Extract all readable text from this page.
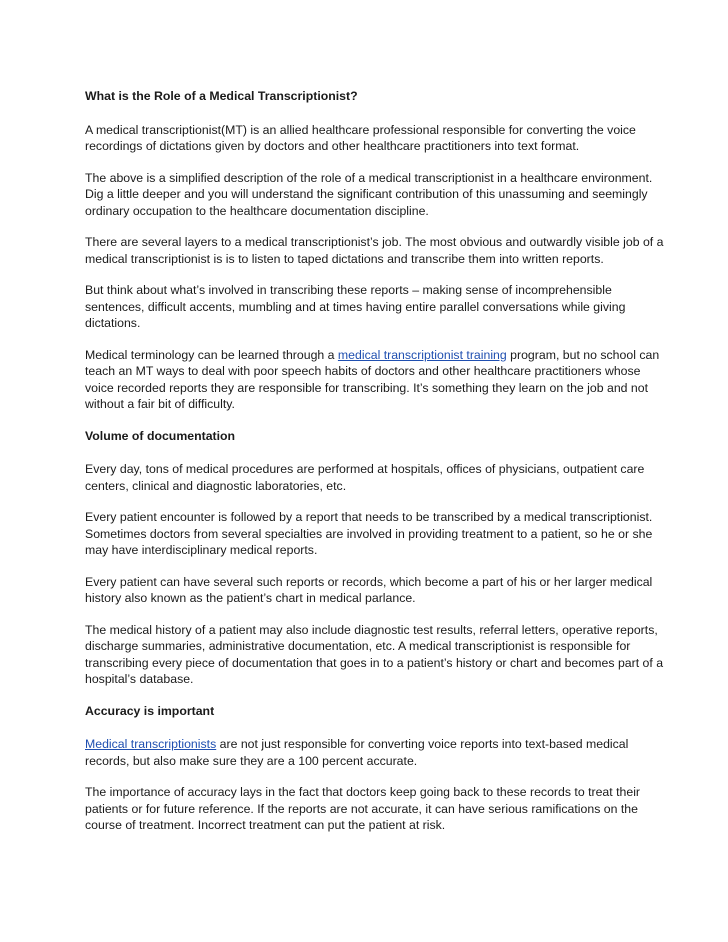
What is the Role of a Medical Transcriptionist?

A medical transcriptionist(MT) is an allied healthcare professional responsible for converting the voice recordings of dictations given by doctors and other healthcare practitioners into text format.

The above is a simplified description of the role of a medical transcriptionist in a healthcare environment. Dig a little deeper and you will understand the significant contribution of this unassuming and seemingly ordinary occupation to the healthcare documentation discipline.

There are several layers to a medical transcriptionist’s job. The most obvious and outwardly visible job of a medical transcriptionist is is to listen to taped dictations and transcribe them into written reports.

But think about what’s involved in transcribing these reports – making sense of incomprehensible sentences, difficult accents, mumbling and at times having entire parallel conversations while giving dictations.

Medical terminology can be learned through a medical transcriptionist training program, but no school can teach an MT ways to deal with poor speech habits of doctors and other healthcare practitioners whose voice recorded reports they are responsible for transcribing. It’s something they learn on the job and not without a fair bit of difficulty.

Volume of documentation

Every day, tons of medical procedures are performed at hospitals, offices of physicians, outpatient care centers, clinical and diagnostic laboratories, etc.

Every patient encounter is followed by a report that needs to be transcribed by a medical transcriptionist. Sometimes doctors from several specialties are involved in providing treatment to a patient, so he or she may have interdisciplinary medical reports.

Every patient can have several such reports or records, which become a part of his or her larger medical history also known as the patient’s chart in medical parlance.

The medical history of a patient may also include diagnostic test results, referral letters, operative reports, discharge summaries, administrative documentation, etc. A medical transcriptionist is responsible for transcribing every piece of documentation that goes in to a patient’s history or chart and becomes part of a hospital’s database.

Accuracy is important

Medical transcriptionists are not just responsible for converting voice reports into text-based medical records, but also make sure they are a 100 percent accurate.

The importance of accuracy lays in the fact that doctors keep going back to these records to treat their patients or for future reference. If the reports are not accurate, it can have serious ramifications on the course of treatment. Incorrect treatment can put the patient at risk.
